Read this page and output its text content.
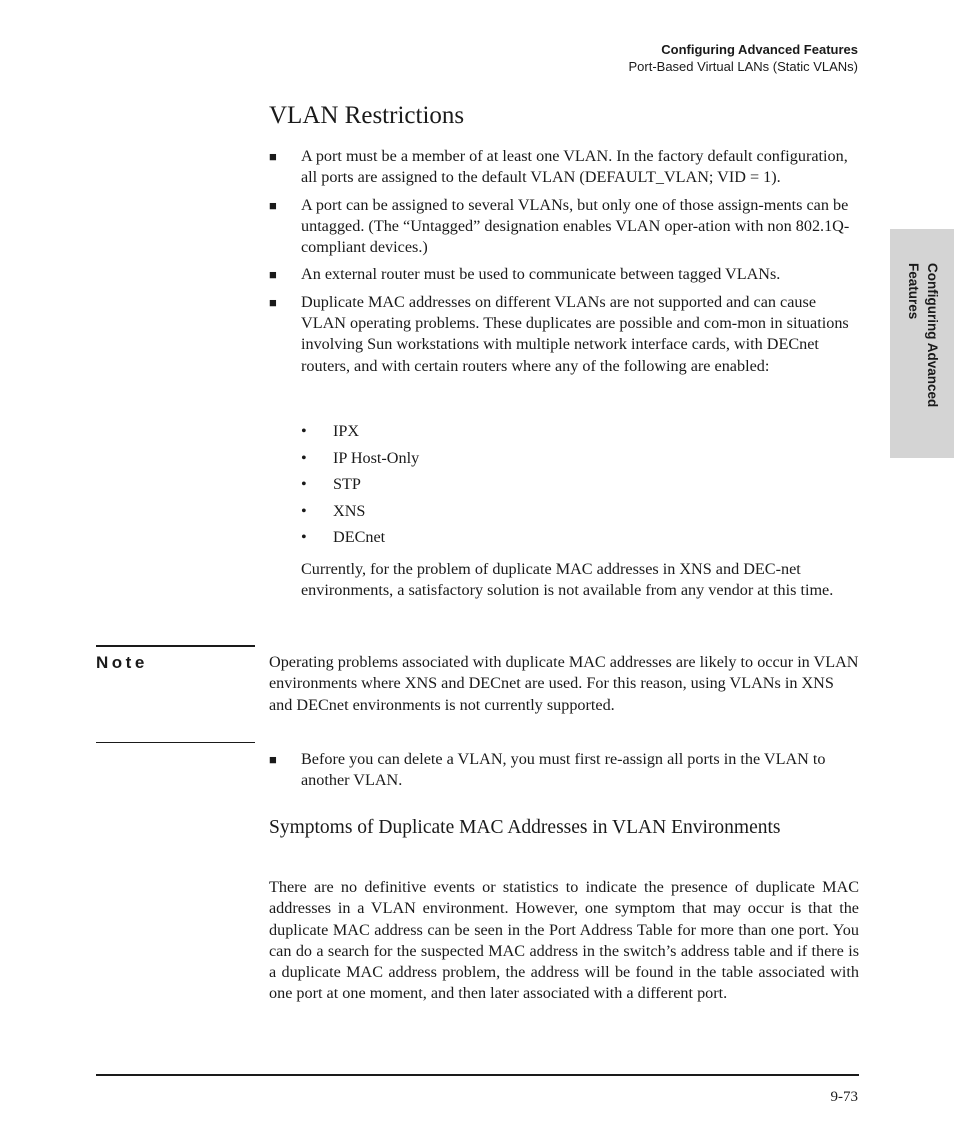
Configuring Advanced Features
Port-Based Virtual LANs (Static VLANs)
Configuring Advanced Features
VLAN Restrictions
■ A port must be a member of at least one VLAN. In the factory default configuration, all ports are assigned to the default VLAN (DEFAULT_VLAN; VID = 1).
■ A port can be assigned to several VLANs, but only one of those assign-ments can be untagged. (The “Untagged” designation enables VLAN oper-ation with non 802.1Q-compliant devices.)
■ An external router must be used to communicate between tagged VLANs.
■ Duplicate MAC addresses on different VLANs are not supported and can cause VLAN operating problems. These duplicates are possible and com-mon in situations involving Sun workstations with multiple network interface cards, with DECnet routers, and with certain routers where any of the following are enabled:
• IPX
• IP Host-Only
• STP
• XNS
• DECnet
Currently, for the problem of duplicate MAC addresses in XNS and DEC-net environments, a satisfactory solution is not available from any vendor at this time.
Note	Operating problems associated with duplicate MAC addresses are likely to occur in VLAN environments where XNS and DECnet are used. For this reason, using VLANs in XNS and DECnet environments is not currently supported.
■ Before you can delete a VLAN, you must first re-assign all ports in the VLAN to another VLAN.
Symptoms of Duplicate MAC Addresses in VLAN Environments
There are no definitive events or statistics to indicate the presence of duplicate MAC addresses in a VLAN environment. However, one symptom that may occur is that the duplicate MAC address can be seen in the Port Address Table for more than one port. You can do a search for the suspected MAC address in the switch’s address table and if there is a duplicate MAC address problem, the address will be found in the table associated with one port at one moment, and then later associated with a different port.
9-73
